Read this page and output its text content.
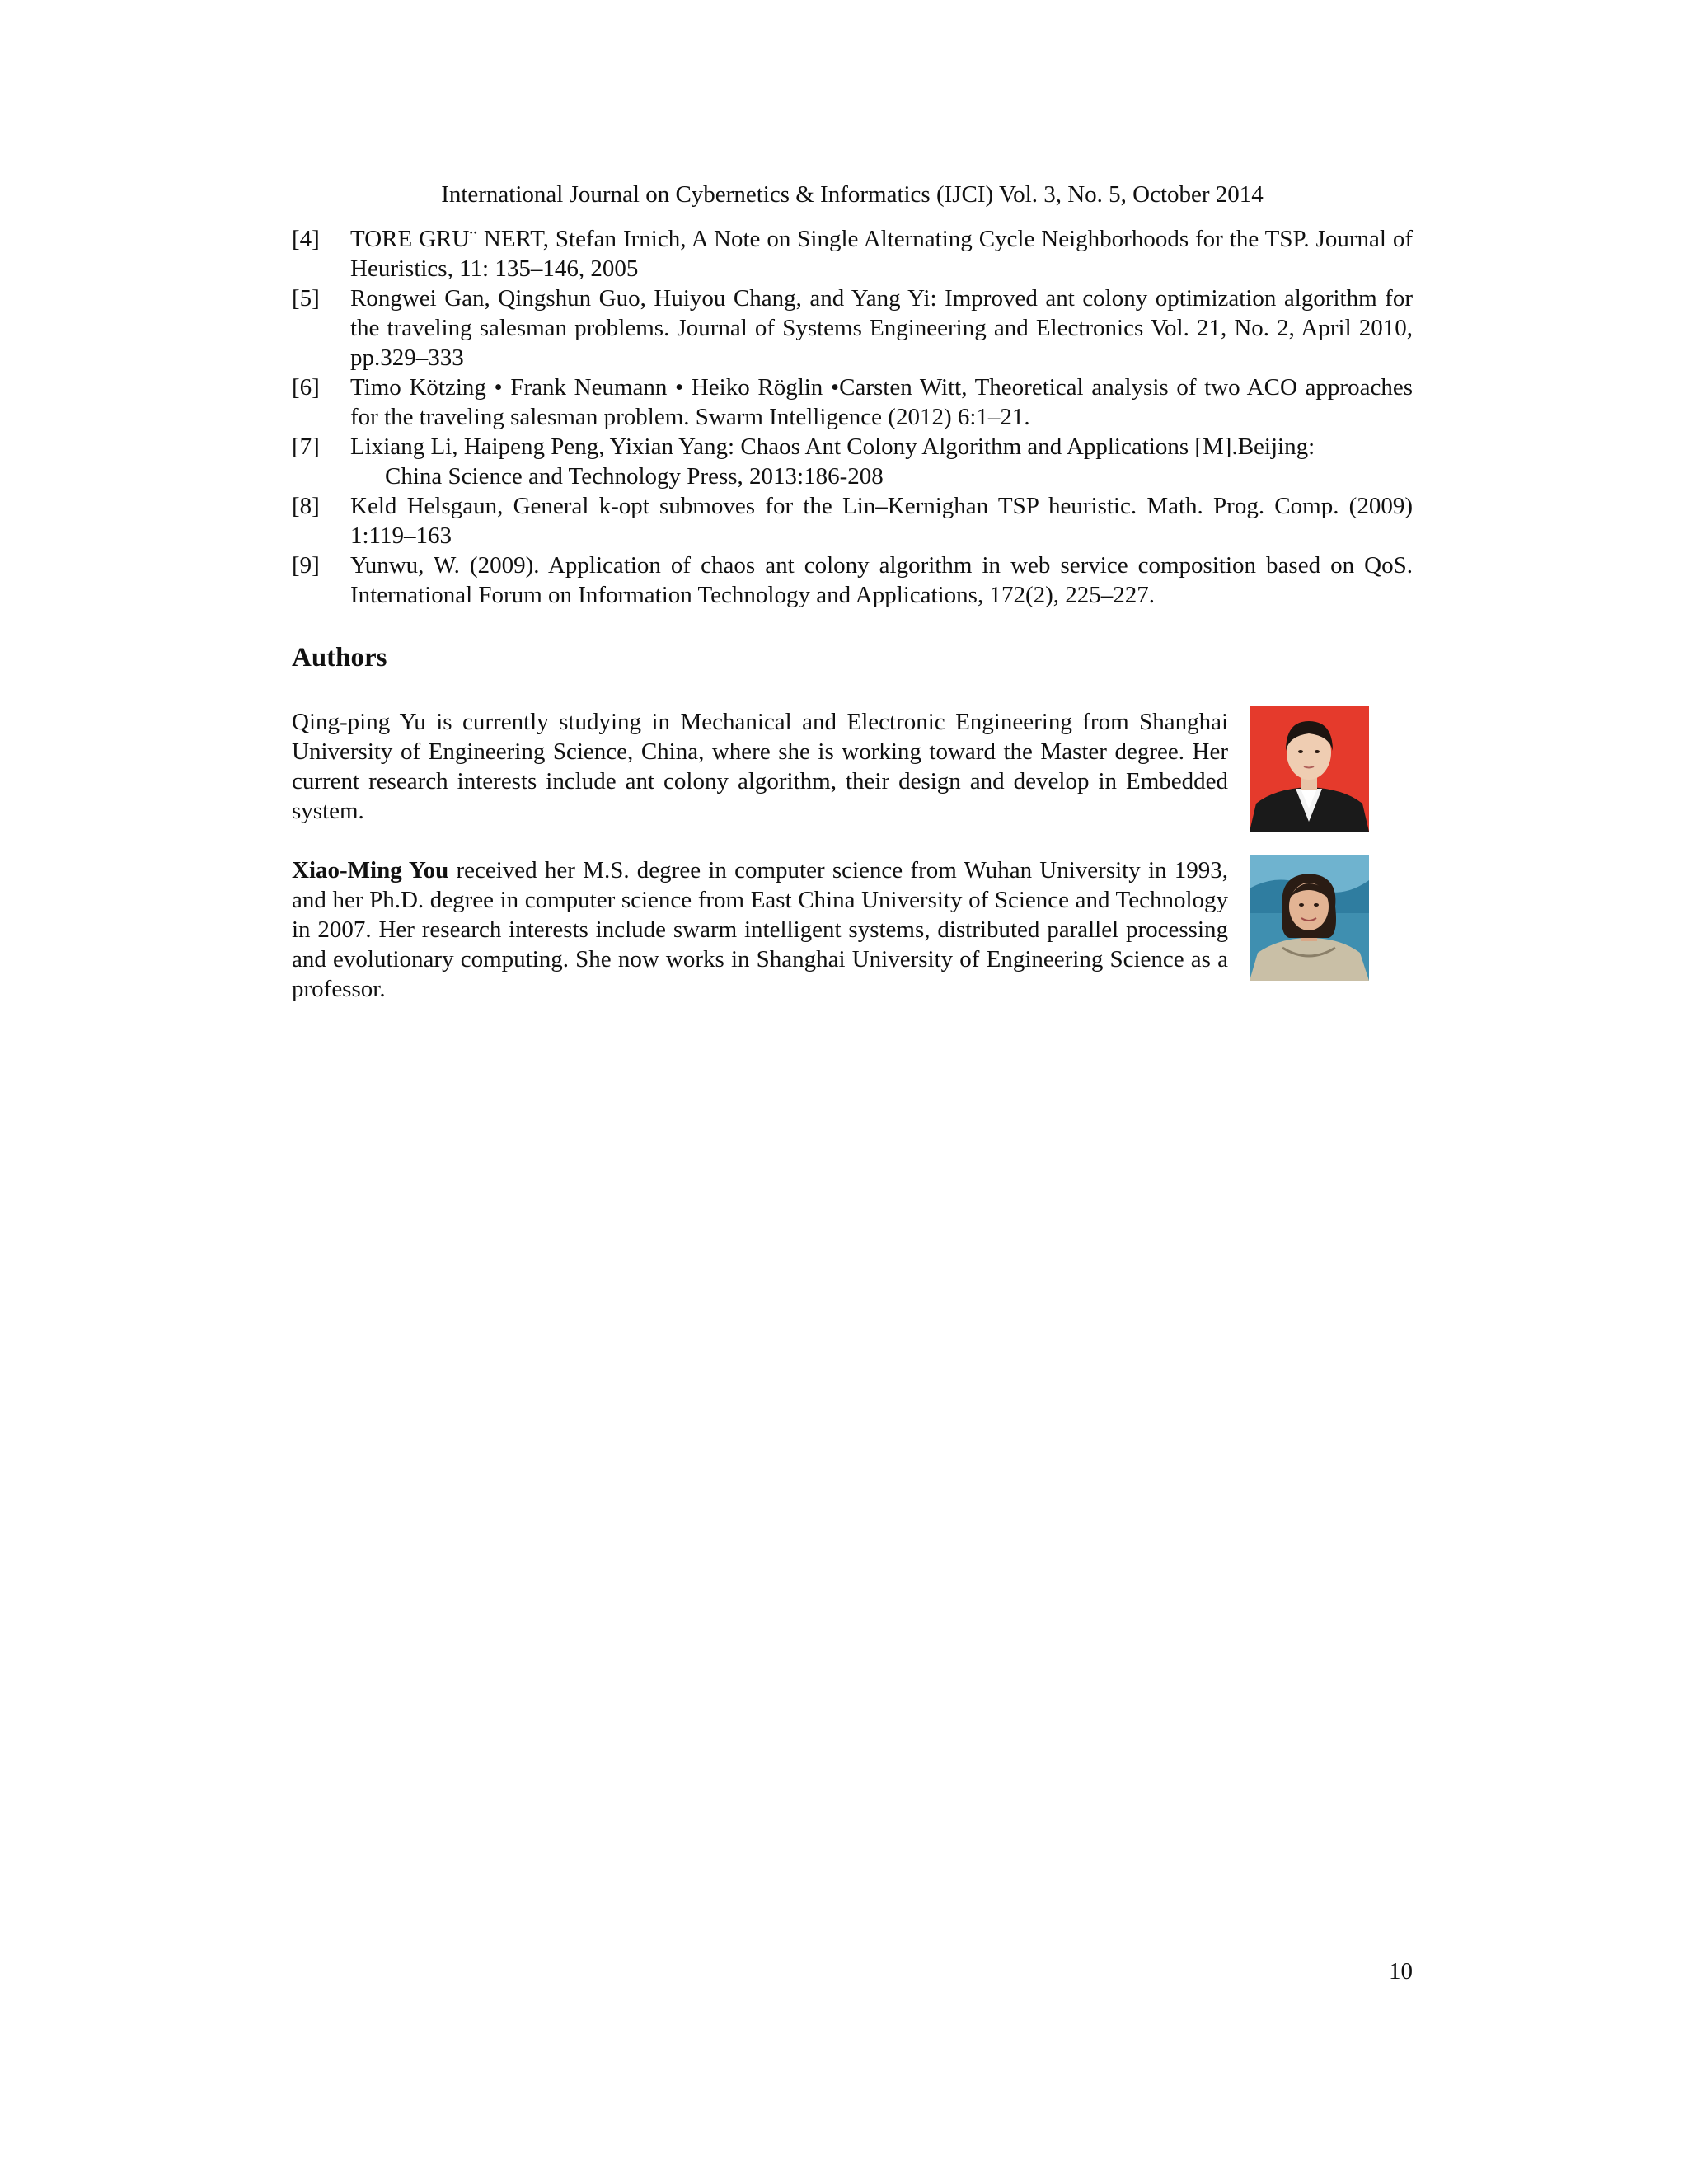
International Journal on Cybernetics & Informatics (IJCI) Vol. 3, No. 5, October 2014
[4] TORE GRU¨ NERT, Stefan Irnich, A Note on Single Alternating Cycle Neighborhoods for the TSP. Journal of Heuristics, 11: 135–146, 2005
[5] Rongwei Gan, Qingshun Guo, Huiyou Chang, and Yang Yi: Improved ant colony optimization algorithm for the traveling salesman problems. Journal of Systems Engineering and Electronics Vol. 21, No. 2, April 2010, pp.329–333
[6] Timo Kötzing • Frank Neumann • Heiko Röglin •Carsten Witt, Theoretical analysis of two ACO approaches for the traveling salesman problem. Swarm Intelligence (2012) 6:1–21.
[7] Lixiang Li, Haipeng Peng, Yixian Yang: Chaos Ant Colony Algorithm and Applications [M].Beijing:
China Science and Technology Press, 2013:186-208
[8] Keld Helsgaun, General k-opt submoves for the Lin–Kernighan TSP heuristic. Math. Prog. Comp. (2009) 1:119–163
[9] Yunwu, W. (2009). Application of chaos ant colony algorithm in web service composition based on QoS. International Forum on Information Technology and Applications, 172(2), 225–227.
Authors
Qing-ping Yu is currently studying in Mechanical and Electronic Engineering from Shanghai University of Engineering Science, China, where she is working toward the Master degree. Her current research interests include ant colony algorithm, their design and develop in Embedded system.
Xiao-Ming You received her M.S. degree in computer science from Wuhan University in 1993, and her Ph.D. degree in computer science from East China University of Science and Technology in 2007. Her research interests include swarm intelligent systems, distributed parallel processing and evolutionary computing. She now works in Shanghai University of Engineering Science as a professor.
10
